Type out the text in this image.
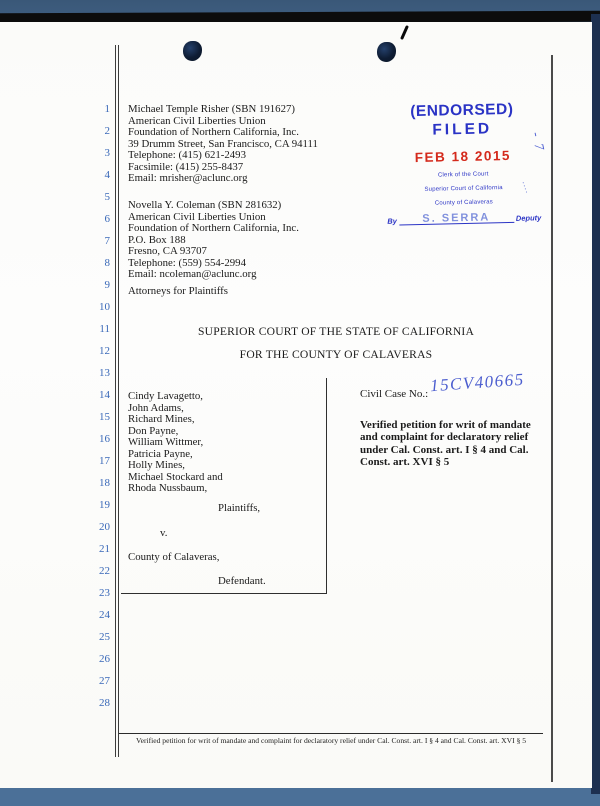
1
2
3
4
5
6
7
8
9
10
11
12
13
14
15
16
17
18
19
20
21
22
23
24
25
26
27
28
Michael Temple Risher (SBN 191627)
American Civil Liberties Union
Foundation of Northern California, Inc.
39 Drumm Street, San Francisco, CA 94111
Telephone: (415) 621-2493
Facsimile: (415) 255-8437
Email: mrisher@aclunc.org
Novella Y. Coleman (SBN 281632)
American Civil Liberties Union
Foundation of Northern California, Inc.
P.O. Box 188
Fresno, CA 93707
Telephone: (559) 554-2994
Email: ncoleman@aclunc.org
Attorneys for Plaintiffs
SUPERIOR COURT OF THE STATE OF CALIFORNIA
FOR THE COUNTY OF CALAVERAS
Cindy Lavagetto,
John Adams,
Richard Mines,
Don Payne,
William Wittmer,
Patricia Payne,
Holly Mines,
Michael Stockard and
Rhoda Nussbaum,
Plaintiffs,
v.
County of Calaveras,
Defendant.
Civil Case No.: 15CV40665
Verified petition for writ of mandate
and complaint for declaratory relief
under Cal. Const. art. I § 4 and Cal.
Const. art. XVI § 5
(ENDORSED)
FILED
FEB 18 2015
Clerk of the Court
Superior Court of California
County of Calaveras
By	S. SERRA	Deputy
- 7
....
Verified petition for writ of mandate and complaint for declaratory relief under Cal. Const. art. I § 4 and Cal. Const. art. XVI § 5
